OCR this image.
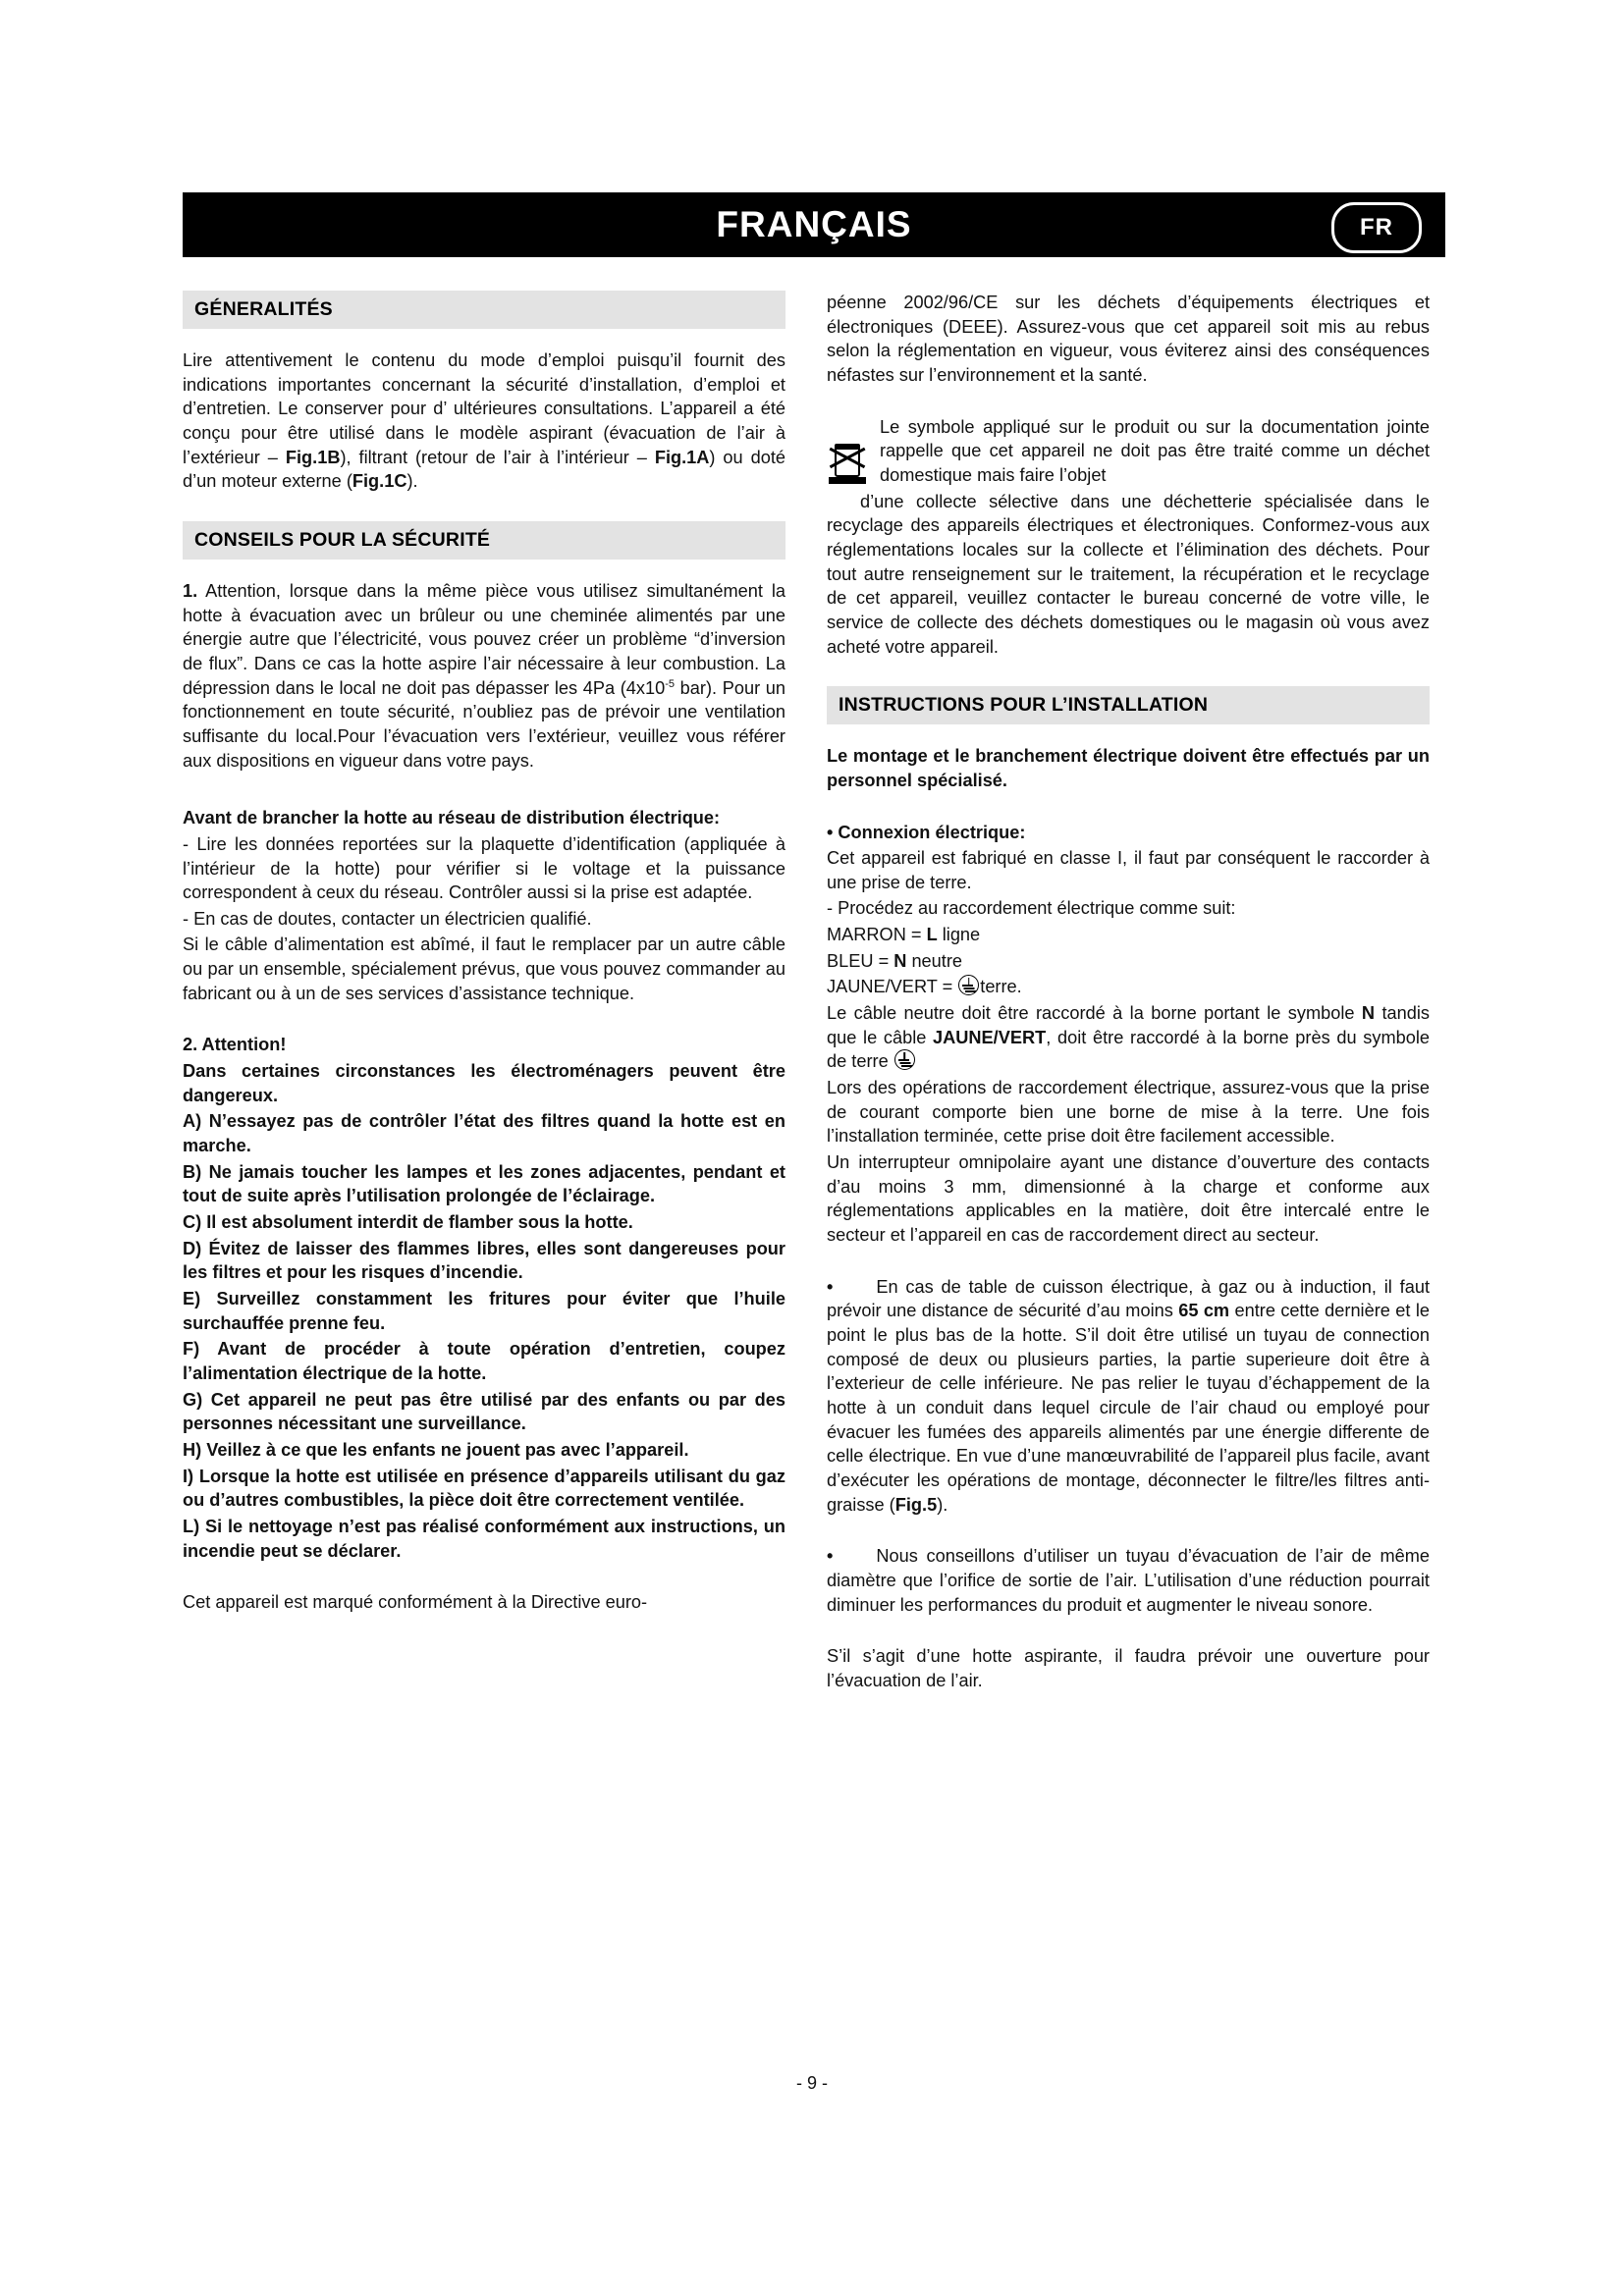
FRANÇAIS	FR
GÉNERALITÉS

Lire attentivement le contenu du mode d’emploi puisqu’il fournit des indications importantes concernant la sécurité d’installation, d’emploi et d’entretien. Le conserver pour d’ ultérieures consultations. L’appareil a été conçu pour être utilisé dans le modèle aspirant (évacuation de l’air à l’extérieur – Fig.1B), filtrant (retour de l’air à l’intérieur – Fig.1A) ou doté d’un moteur externe (Fig.1C).

CONSEILS POUR LA SÉCURITÉ

1. Attention, lorsque dans la même pièce vous utilisez simultanément la hotte à évacuation avec un brûleur ou une cheminée alimentés par une énergie autre que l’électricité, vous pouvez créer un problème “d’inversion de flux”. Dans ce cas la hotte aspire l’air nécessaire à leur combustion. La dépression dans le local ne doit pas dépasser les 4Pa ($4x10^{-5}$ bar). Pour un fonctionnement en toute sécurité, n’oubliez pas de prévoir une ventilation suffisante du local.Pour l’évacuation vers l’extérieur, veuillez vous référer aux dispositions en vigueur dans votre pays.

Avant de brancher la hotte au réseau de distribution électrique:

- Lire les données reportées sur la plaquette d’identification (appliquée à l’intérieur de la hotte) pour vérifier si le voltage et la puissance correspondent à ceux du réseau. Contrôler aussi si la prise est adaptée.

- En cas de doutes, contacter un électricien qualifié.

Si le câble d’alimentation est abîmé, il faut le remplacer par un autre câble ou par un ensemble, spécialement prévus, que vous pouvez commander au fabricant ou à un de ses services d’assistance technique.

2. Attention!
Dans certaines circonstances les électroménagers peuvent être dangereux.
A) N’essayez pas de contrôler l’état des filtres quand la hotte est en marche.
B) Ne jamais toucher les lampes et les zones adjacentes, pendant et tout de suite après l’utilisation prolongée de l’éclairage.
C) Il est absolument interdit de flamber sous la hotte.
D) Évitez de laisser des flammes libres, elles sont dangereuses pour les filtres et pour les risques d’incendie.
E) Surveillez constamment les fritures pour éviter que l’huile surchauffée prenne feu.
F) Avant de procéder à toute opération d’entretien, coupez l’alimentation électrique de la hotte.
G) Cet appareil ne peut pas être utilisé par des enfants ou par des personnes nécessitant une surveillance.
H) Veillez à ce que les enfants ne jouent pas avec l’appareil.
I) Lorsque la hotte est utilisée en présence d’appareils utilisant du gaz ou d’autres combustibles, la pièce doit être correctement ventilée.
L) Si le nettoyage n’est pas réalisé conformément aux instructions, un incendie peut se déclarer.

Cet appareil est marqué conformément à la Directive euro-

péenne 2002/96/CE sur les déchets d’équipements électriques et électroniques (DEEE). Assurez-vous que cet appareil soit mis au rebus selon la réglementation en vigueur, vous éviterez ainsi des conséquences néfastes sur l’environnement et la santé.

Le symbole appliqué sur le produit ou sur la documentation jointe rappelle que cet appareil ne doit pas être traité comme un déchet domestique mais faire l’objet

d’une collecte sélective dans une déchetterie spécialisée dans le recyclage des appareils électriques et électroniques. Conformez-vous aux réglementations locales sur la collecte et l’élimination des déchets. Pour tout autre renseignement sur le traitement, la récupération et le recyclage de cet appareil, veuillez contacter le bureau concerné de votre ville, le service de collecte des déchets domestiques ou le magasin où vous avez acheté votre appareil.

INSTRUCTIONS POUR L’INSTALLATION
Le montage et le branchement électrique doivent être effectués par un personnel spécialisé.
• Connexion électrique:

Cet appareil est fabriqué en classe I, il faut par conséquent le raccorder à une prise de terre.

- Procédez au raccordement électrique comme suit:

MARRON = L ligne

BLEU = N neutre

JAUNE/VERT = terre.

Le câble neutre doit être raccordé à la borne portant le symbole N tandis que le câble JAUNE/VERT, doit être raccordé à la borne près du symbole de terre

Lors des opérations de raccordement électrique, assurez-vous que la prise de courant comporte bien une borne de mise à la terre. Une fois l’installation terminée, cette prise doit être facilement accessible.

Un interrupteur omnipolaire ayant une distance d’ouverture des contacts d’au moins 3 mm, dimensionné à la charge et conforme aux réglementations applicables en la matière, doit être intercalé entre le secteur et l’appareil en cas de raccordement direct au secteur.

• En cas de table de cuisson électrique, à gaz ou à induction, il faut prévoir une distance de sécurité d’au moins 65 cm entre cette dernière et le point le plus bas de la hotte. S’il doit être utilisé un tuyau de connection composé de deux ou plusieurs parties, la partie superieure doit être à l’exterieur de celle inférieure. Ne pas relier le tuyau d’échappement de la hotte à un conduit dans lequel circule de l’air chaud ou employé pour évacuer les fumées des appareils alimentés par une énergie differente de celle électrique. En vue d’une manœuvrabilité de l’appareil plus facile, avant d’exécuter les opérations de montage, déconnecter le filtre/les filtres anti-graisse (Fig.5).
• Nous conseillons d’utiliser un tuyau d’évacuation de l’air de même diamètre que l’orifice de sortie de l’air. L’utilisation d’une réduction pourrait diminuer les performances du produit et augmenter le niveau sonore.

S’il s’agit d’une hotte aspirante, il faudra prévoir une ouverture pour l’évacuation de l’air.

- 9 -
